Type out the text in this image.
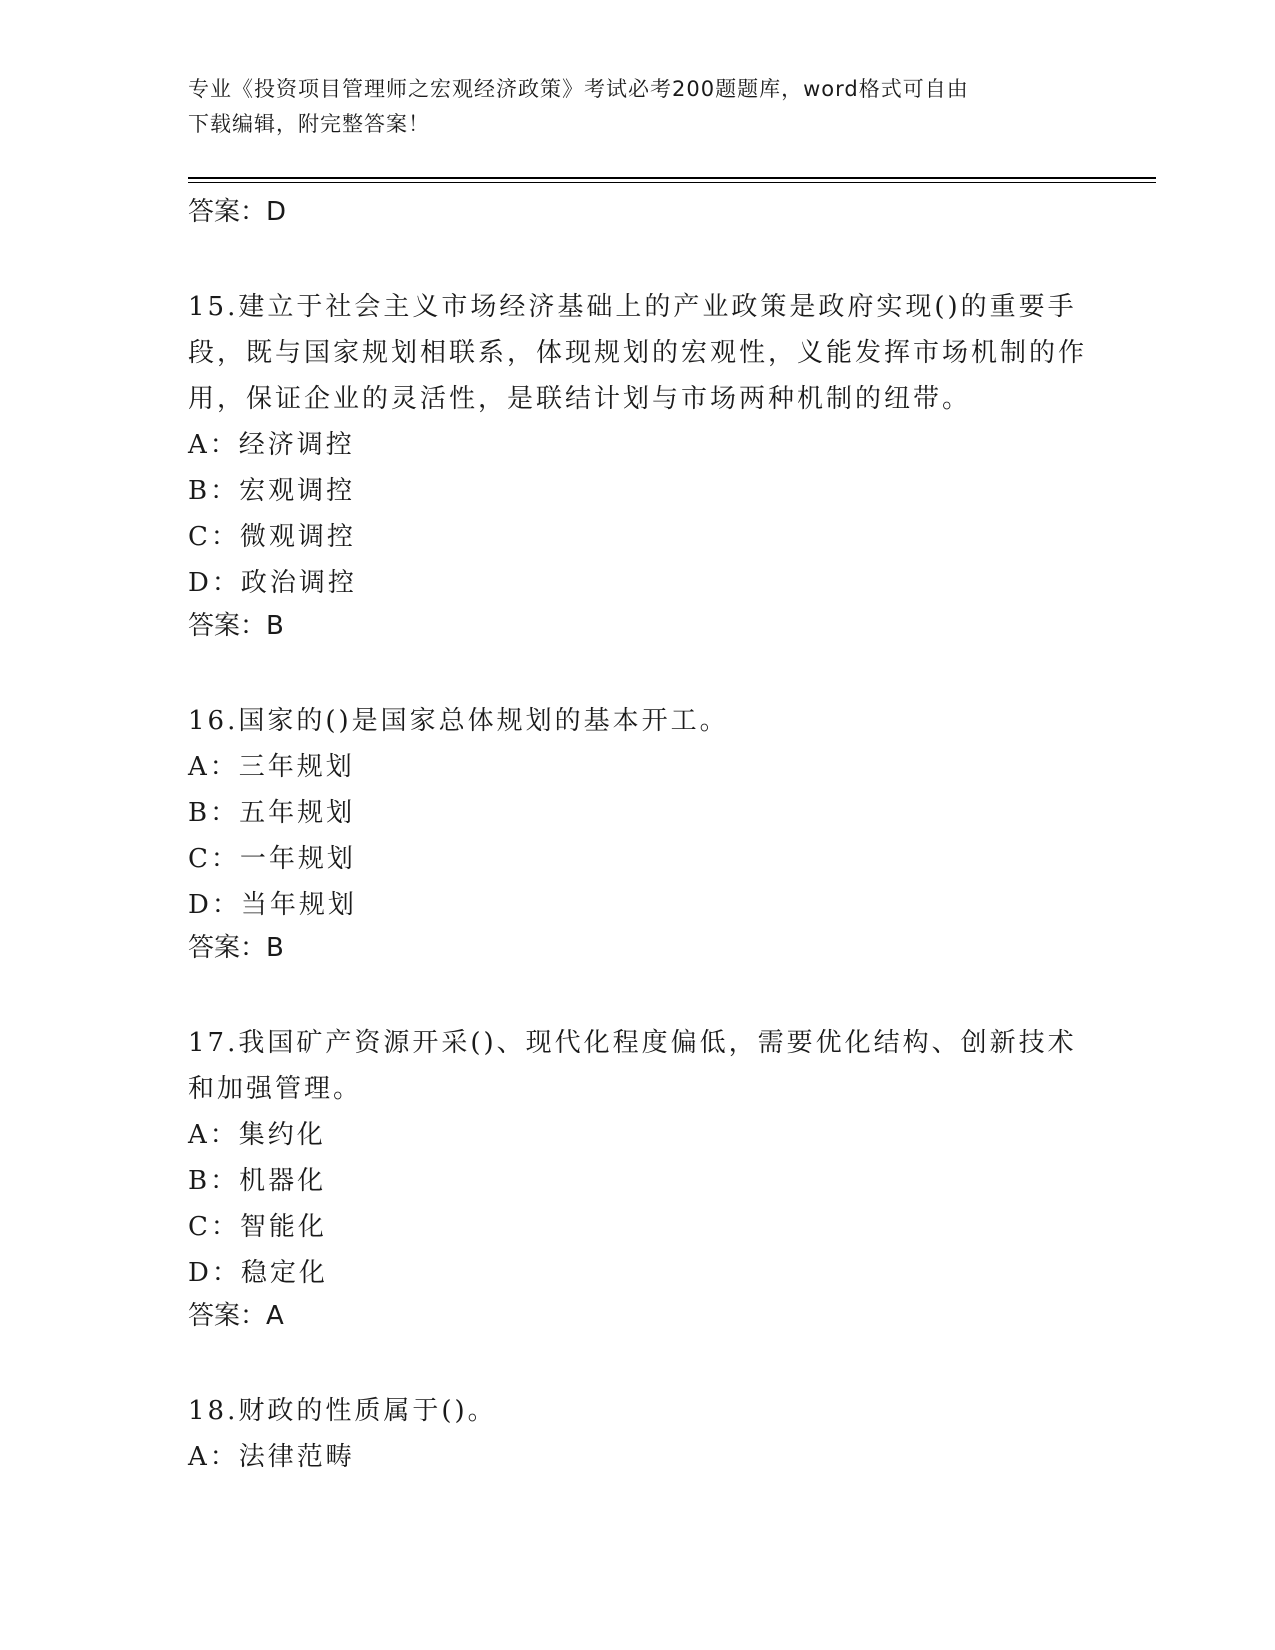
专业《投资项目管理师之宏观经济政策》考试必考200题题库，word格式可自由
下载编辑，附完整答案！
答案：D
15.建立于社会主义市场经济基础上的产业政策是政府实现()的重要手段，既与国家规划相联系，体现规划的宏观性，义能发挥市场机制的作用，保证企业的灵活性，是联结计划与市场两种机制的纽带。
A：经济调控
B：宏观调控
C：微观调控
D：政治调控
答案：B
16.国家的()是国家总体规划的基本开工。
A：三年规划
B：五年规划
C：一年规划
D：当年规划
答案：B
17.我国矿产资源开采()、现代化程度偏低，需要优化结构、创新技术和加强管理。
A：集约化
B：机器化
C：智能化
D：稳定化
答案：A
18.财政的性质属于()。
A：法律范畴
